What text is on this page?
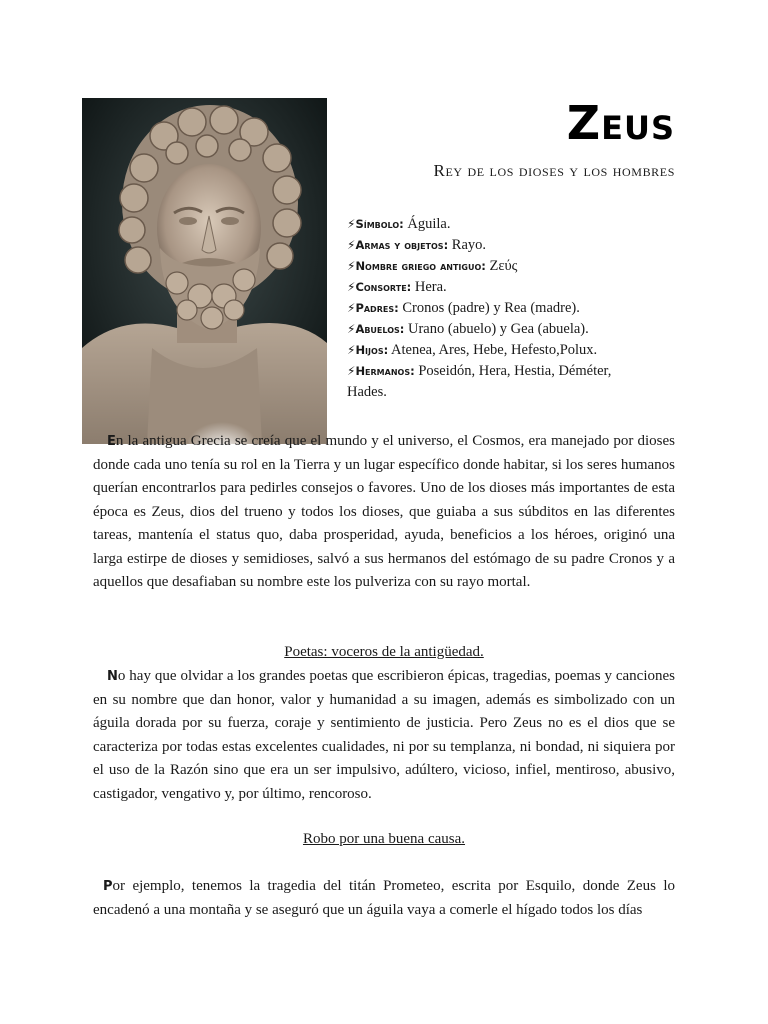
Zeus
Rey de los dioses y los hombres

⚡Símbolo: Águila.

⚡Armas y objetos: Rayo.

⚡Nombre griego antiguo: Ζεύς

⚡Consorte: Hera.

⚡Padres: Cronos (padre) y Rea (madre).

⚡Abuelos: Urano (abuelo) y Gea (abuela).

⚡Hijos: Atenea, Ares, Hebe, Hefesto,Polux.

⚡Hermanos: Poseidón, Hera, Hestia, Déméter, Hades.

En la antigua Grecia se creía que el mundo y el universo, el Cosmos, era manejado por dioses donde cada uno tenía su rol en la Tierra y un lugar específico donde habitar, si los seres humanos querían encontrarlos para pedirles consejos o favores. Uno de los dioses más importantes de esta época es Zeus, dios del trueno y todos los dioses, que guiaba a sus súbditos en las diferentes tareas, mantenía el status quo, daba prosperidad, ayuda, beneficios a los héroes, originó una larga estirpe de dioses y semidioses, salvó a sus hermanos del estómago de su padre Cronos y a aquellos que desafiaban su nombre este los pulveriza con su rayo mortal.

Poetas: voceros de la antigüedad.

No hay que olvidar a los grandes poetas que escribieron épicas, tragedias, poemas y canciones en su nombre que dan honor, valor y humanidad a su imagen, además es simbolizado con un águila dorada por su fuerza, coraje y sentimiento de justicia. Pero Zeus no es el dios que se caracteriza por todas estas excelentes cualidades, ni por su templanza, ni bondad, ni siquiera por el uso de la Razón sino que era un ser impulsivo, adúltero, vicioso, infiel, mentiroso, abusivo, castigador, vengativo y, por último, rencoroso.

Robo por una buena causa.

Por ejemplo, tenemos la tragedia del titán Prometeo, escrita por Esquilo, donde Zeus lo encadenó a una montaña y se aseguró que un águila vaya a comerle el hígado todos los días
